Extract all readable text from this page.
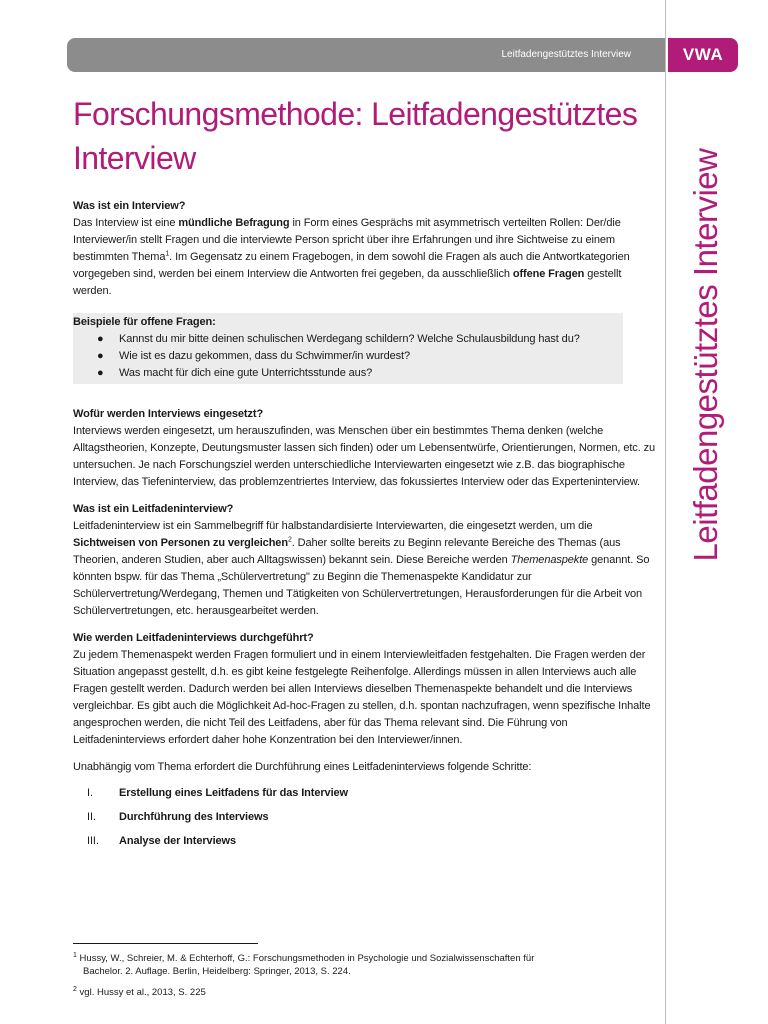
Leitfadengestütztes Interview	VWA
Leitfadengestütztes Interview
Forschungsmethode: Leitfadengestütztes
Interview

Was ist ein Interview?

Das Interview ist eine mündliche Befragung in Form eines Gesprächs mit asymmetrisch verteilten Rollen: Der/die Interviewer/in stellt Fragen und die interviewte Person spricht über ihre Erfahrungen und ihre Sichtweise zu einem bestimmten Thema$^1$. Im Gegensatz zu einem Fragebogen, in dem sowohl die Fragen als auch die Antwortkategorien vorgegeben sind, werden bei einem Interview die Antworten frei gegeben, da ausschließlich offene Fragen gestellt werden.

Beispiele für offene Fragen:

● Kannst du mir bitte deinen schulischen Werdegang schildern? Welche Schulausbildung hast du?
● Wie ist es dazu gekommen, dass du Schwimmer/in wurdest?
● Was macht für dich eine gute Unterrichtsstunde aus?

Wofür werden Interviews eingesetzt?

Interviews werden eingesetzt, um herauszufinden, was Menschen über ein bestimmtes Thema denken (welche Alltagstheorien, Konzepte, Deutungsmuster lassen sich finden) oder um Lebensentwürfe, Orientierungen, Normen, etc. zu untersuchen. Je nach Forschungsziel werden unterschiedliche Interviewarten eingesetzt wie z.B. das biographische Interview, das Tiefeninterview, das problemzentriertes Interview, das fokussiertes Interview oder das Experteninterview.

Was ist ein Leitfadeninterview?

Leitfadeninterview ist ein Sammelbegriff für halbstandardisierte Interviewarten, die eingesetzt werden, um die Sichtweisen von Personen zu vergleichen$^2$. Daher sollte bereits zu Beginn relevante Bereiche des Themas (aus Theorien, anderen Studien, aber auch Alltagswissen) bekannt sein. Diese Bereiche werden Themenaspekte genannt. So könnten bspw. für das Thema „Schülervertretung" zu Beginn die Themenaspekte Kandidatur zur Schülervertretung/Werdegang, Themen und Tätigkeiten von Schülervertretungen, Herausforderungen für die Arbeit von Schülervertretungen, etc. herausgearbeitet werden.

Wie werden Leitfadeninterviews durchgeführt?

Zu jedem Themenaspekt werden Fragen formuliert und in einem Interviewleitfaden festgehalten. Die Fragen werden der Situation angepasst gestellt, d.h. es gibt keine festgelegte Reihenfolge. Allerdings müssen in allen Interviews auch alle Fragen gestellt werden. Dadurch werden bei allen Interviews dieselben Themenaspekte behandelt und die Interviews vergleichbar. Es gibt auch die Möglichkeit Ad-hoc-Fragen zu stellen, d.h. spontan nachzufragen, wenn spezifische Inhalte angesprochen werden, die nicht Teil des Leitfadens, aber für das Thema relevant sind. Die Führung von Leitfadeninterviews erfordert daher hohe Konzentration bei den Interviewer/innen.

Unabhängig vom Thema erfordert die Durchführung eines Leitfadeninterviews folgende Schritte:

I. Erstellung eines Leitfadens für das Interview
II. Durchführung des Interviews
III. Analyse der Interviews

$^1$ Hussy, W., Schreier, M. & Echterhoff, G.: Forschungsmethoden in Psychologie und Sozialwissenschaften für
Bachelor. 2. Auflage. Berlin, Heidelberg: Springer, 2013, S. 224.

$^2$ vgl. Hussy et al., 2013, S. 225
